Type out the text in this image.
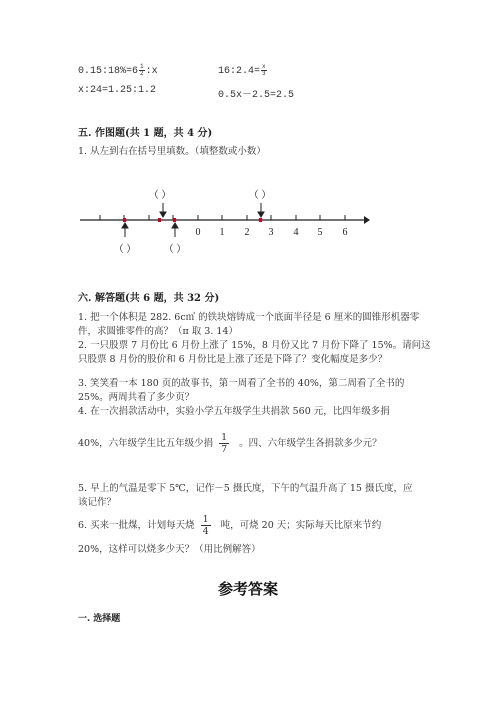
0.15:18%=6 $\frac{1}{2}$ :x	16:2.4= $\frac{x}{3}$
x:24=1.25:1.2	0.5x－2.5=2.5
五. 作图题(共 1 题，共 4 分)
1. 从左到右在括号里填数。（填整数或小数）
0 1 2 3 4 5 6
（ ）	（ ）
（ ）	（ ）
六. 解答题(共 6 题，共 32 分)
1. 把一个体积是 282. 6c㎥ 的铁块熔铸成一个底面半径是 6 厘米的圆锥形机器零
件，求圆锥零件的高？（π 取 3. 14）
2. 一只股票 7 月份比 6 月份上涨了 15%，8 月份又比 7 月份下降了 15%。请问这
只股票 8 月份的股价和 6 月份比是上涨了还是下降了？变化幅度是多少？
3. 笑笑看一本 180 页的故事书，第一周看了全书的 40%，第二周看了全书的
25%。两周共看了多少页？
4. 在一次捐款活动中，实验小学五年级学生共捐款 560 元，比四年级多捐
40%，六年级学生比五年级少捐 $\frac{1}{7}$ 。四、六年级学生各捐款多少元？
5. 早上的气温是零下 5℃，记作－5 摄氏度，下午的气温升高了 15 摄氏度，应
该记作？
6. 买来一批煤，计划每天烧 $\frac{1}{4}$ 吨，可烧 20 天；实际每天比原来节约
20%，这样可以烧多少天？（用比例解答）
参考答案
一. 选择题
